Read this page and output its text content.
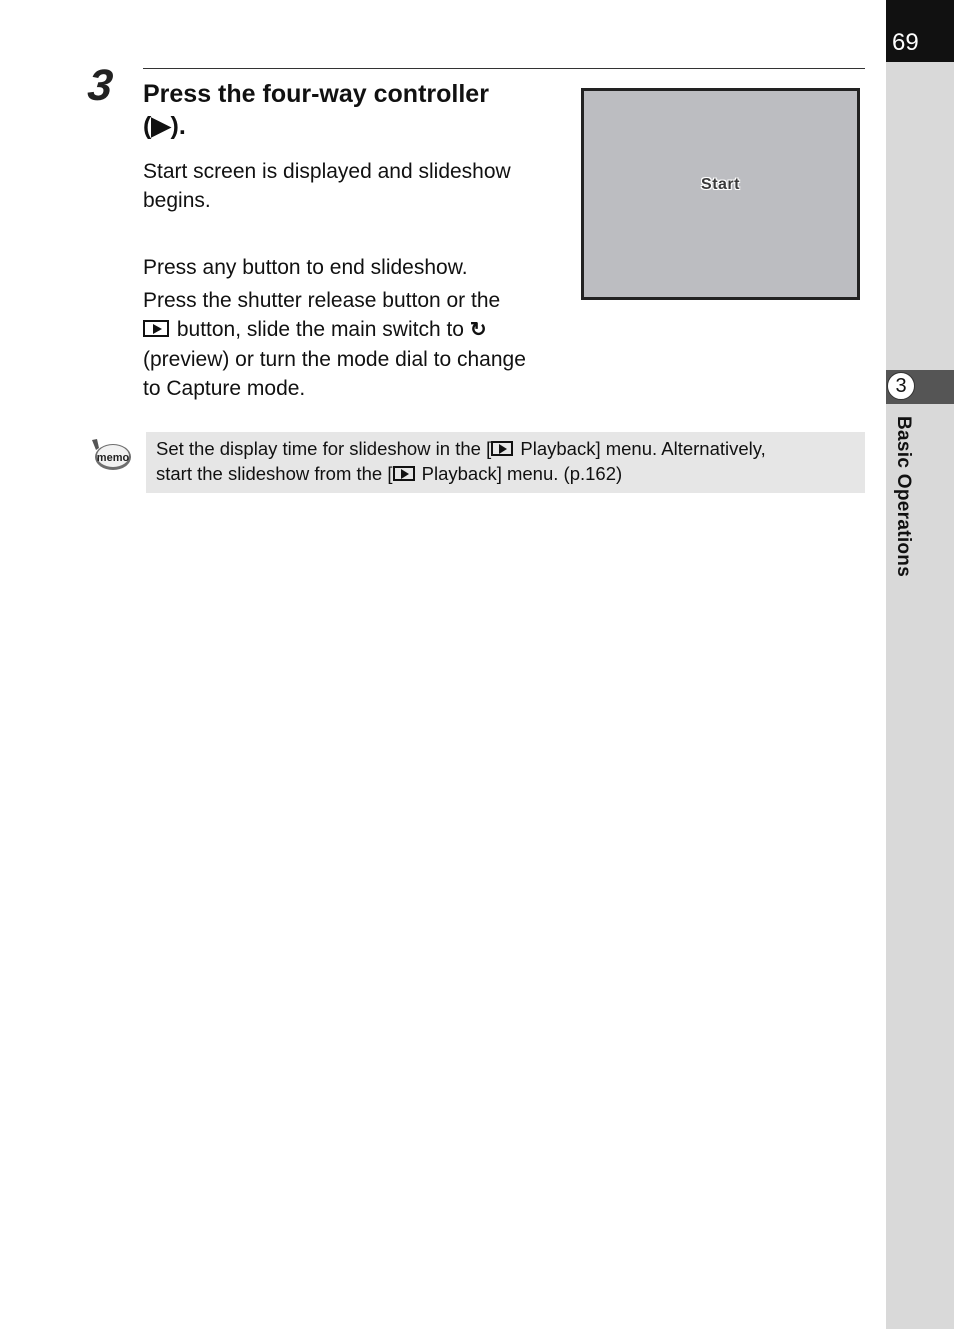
69
3
Basic Operations
3 Press the four-way controller
(▶).
Start screen is displayed and slideshow begins.
Press any button to end slideshow.
Press the shutter release button or the
button, slide the main switch to ↻
(preview) or turn the mode dial to change to Capture mode.
Start
memo Set the display time for slideshow in the [ Playback] menu. Alternatively,
start the slideshow from the [ Playback] menu. (p.162)
